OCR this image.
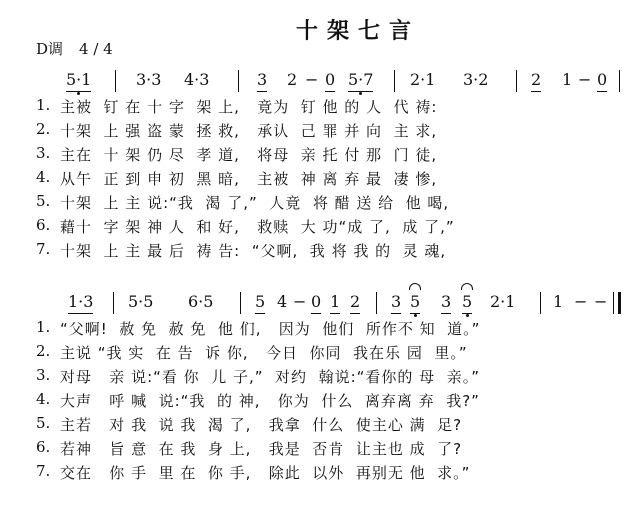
十架七言
D调 4 / 4
5·1	3·3 4·3	3 2 − 0 5·7 2·1 3·2	2 1 − 0
1. 主被  钉 在 十 字  架 上,   竟为  钉 他 的 人  代 祷:
2. 十架  上 强 盗 蒙  拯 救,   承认  己 罪 并 向  主 求,
3. 主在  十 架 仍 尽  孝 道,   将母  亲 托 付 那  门 徒,
4. 从午  正 到 申 初  黑 暗,   主被  神 离 弃 最  凄 惨,
5. 十架  上 主 说:“我  渴 了,”  人竟  将 醋 送 给  他 喝,
6. 藉十  字 架 神 人  和 好,   救赎  大 功“成 了,  成 了,”
7. 十架  上 主 最 后  祷 告:  “父啊,  我 将 我 的  灵 魂,
1·3 5·5 6·5	5 4 − 0 1 2 3 5 3 5 2·1 1 − −
1. “父啊!  赦 免  赦 免  他 们,   因为  他们  所作不 知  道。”
2. 主说 “我 实  在 告  诉 你,   今日  你同  我在乐 园  里。”
3. 对母   亲 说:“看 你  儿 子,”  对约  翰说:“看你的 母  亲。”
4. 大声   呼 喊  说:“我  的 神,   你为  什么  离弃离 弃  我?”
5. 主若   对 我  说 我  渴 了,   我拿  什么  使主心 满  足?
6. 若神   旨 意  在 我  身 上,   我是  否肯  让主也 成  了?
7. 交在   你 手  里 在  你 手,   除此  以外  再别无 他  求。”
